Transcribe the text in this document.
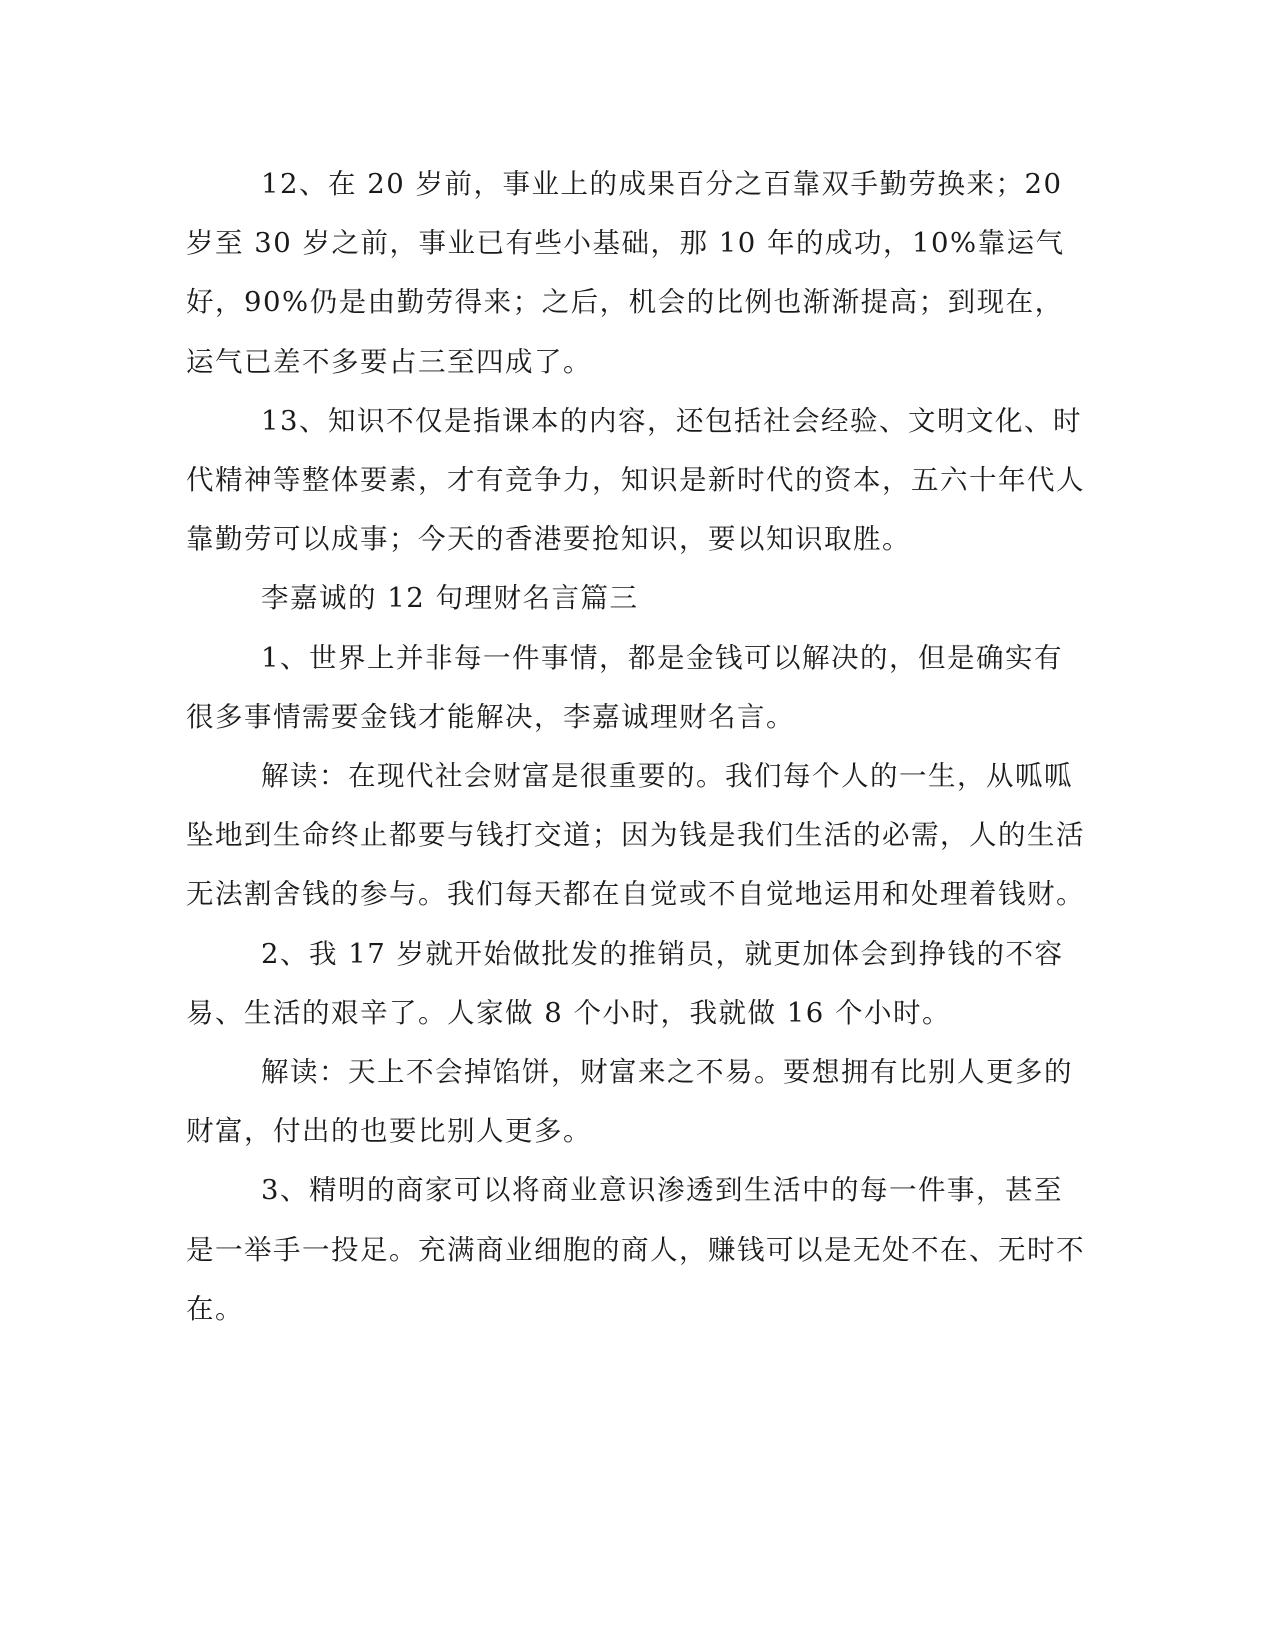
12、在 20 岁前，事业上的成果百分之百靠双手勤劳换来；20 岁至 30 岁之前，事业已有些小基础，那 10 年的成功，10%靠运气好，90%仍是由勤劳得来；之后，机会的比例也渐渐提高；到现在，运气已差不多要占三至四成了。

13、知识不仅是指课本的内容，还包括社会经验、文明文化、时代精神等整体要素，才有竞争力，知识是新时代的资本，五六十年代人靠勤劳可以成事；今天的香港要抢知识，要以知识取胜。

李嘉诚的 12 句理财名言篇三

1、世界上并非每一件事情，都是金钱可以解决的，但是确实有很多事情需要金钱才能解决，李嘉诚理财名言。

解读：在现代社会财富是很重要的。我们每个人的一生，从呱呱坠地到生命终止都要与钱打交道；因为钱是我们生活的必需，人的生活无法割舍钱的参与。我们每天都在自觉或不自觉地运用和处理着钱财。

2、我 17 岁就开始做批发的推销员，就更加体会到挣钱的不容易、生活的艰辛了。人家做 8 个小时，我就做 16 个小时。

解读：天上不会掉馅饼，财富来之不易。要想拥有比别人更多的财富，付出的也要比别人更多。

3、精明的商家可以将商业意识渗透到生活中的每一件事，甚至是一举手一投足。充满商业细胞的商人，赚钱可以是无处不在、无时不在。
